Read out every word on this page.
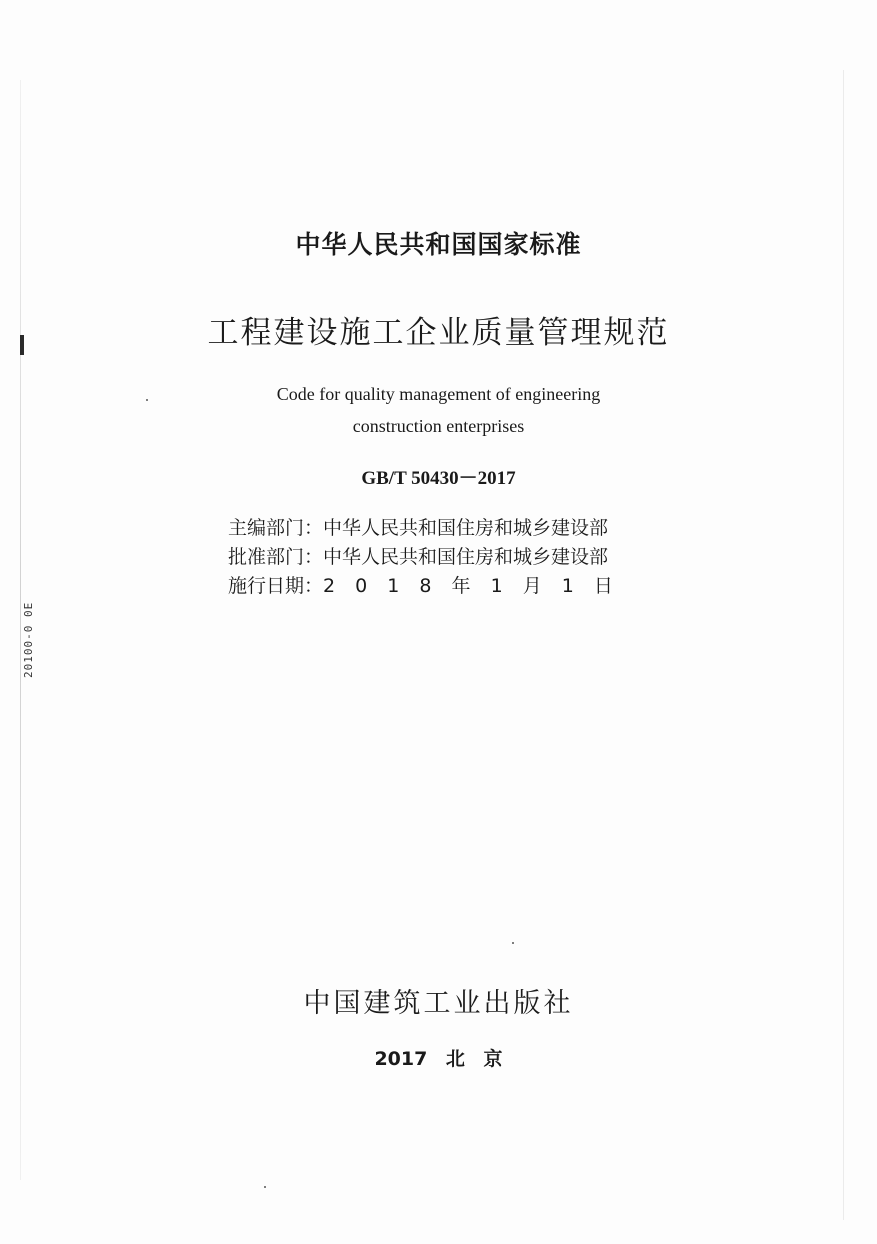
20100-0 0E
中华人民共和国国家标准
工程建设施工企业质量管理规范
Code for quality management of engineering
construction enterprises
GB/T 50430－2017
主编部门：中华人民共和国住房和城乡建设部
批准部门：中华人民共和国住房和城乡建设部
施行日期：2 0 1 8 年 1 月 1 日
中国建筑工业出版社
2017 北 京
